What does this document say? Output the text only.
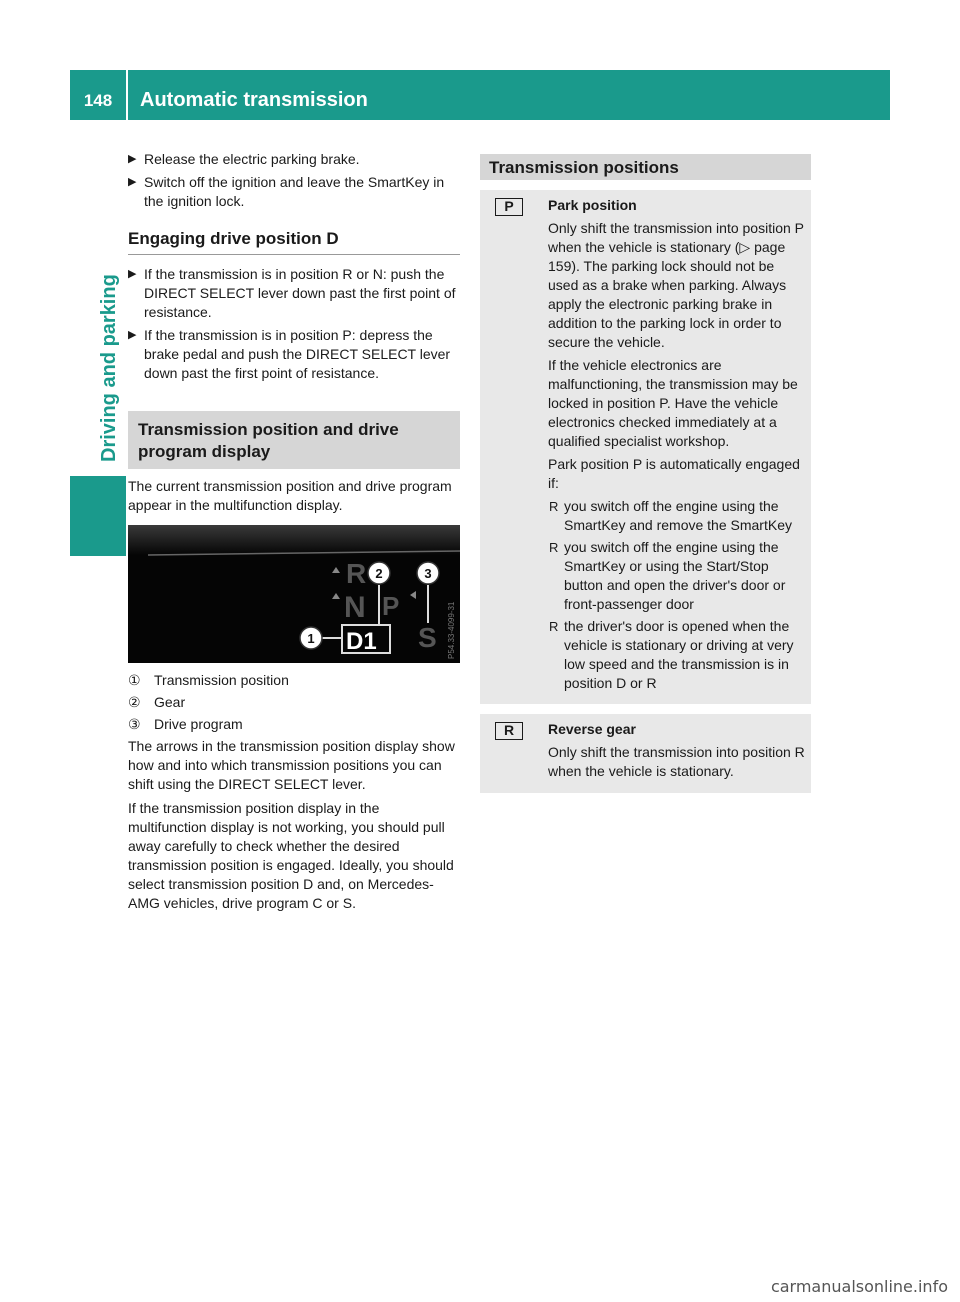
148	Automatic transmission
Driving and parking
▶ Release the electric parking brake.
▶ Switch off the ignition and leave the SmartKey in the ignition lock.
Engaging drive position D
▶ If the transmission is in position R or N: push the DIRECT SELECT lever down past the first point of resistance.
▶ If the transmission is in position P: depress the brake pedal and push the DIRECT SELECT lever down past the first point of resistance.
Transmission position and drive program display

The current transmission position and drive program appear in the multifunction display.

R
N P
S
D1
1
2	3
P54.33-4099-31
① Transmission position
② Gear
③ Drive program

The arrows in the transmission position display show how and into which transmission positions you can shift using the DIRECT SELECT lever.

If the transmission position display in the multifunction display is not working, you should pull away carefully to check whether the desired transmission position is engaged. Ideally, you should select transmission position D and, on Mercedes-AMG vehicles, drive program C or S.

Transmission positions
P	Park position

Only shift the transmission into position P when the vehicle is stationary (▷ page 159). The parking lock should not be used as a brake when parking. Always apply the electronic parking brake in addition to the parking lock in order to secure the vehicle.

If the vehicle electronics are malfunctioning, the transmission may be locked in position P. Have the vehicle electronics checked immediately at a qualified specialist workshop.

Park position P is automatically engaged if:

R you switch off the engine using the SmartKey and remove the SmartKey
R you switch off the engine using the SmartKey or using the Start/Stop button and open the driver's door or front-passenger door
R the driver's door is opened when the vehicle is stationary or driving at very low speed and the transmission is in position D or R
R	Reverse gear

Only shift the transmission into position R when the vehicle is stationary.

carmanualsonline.info
